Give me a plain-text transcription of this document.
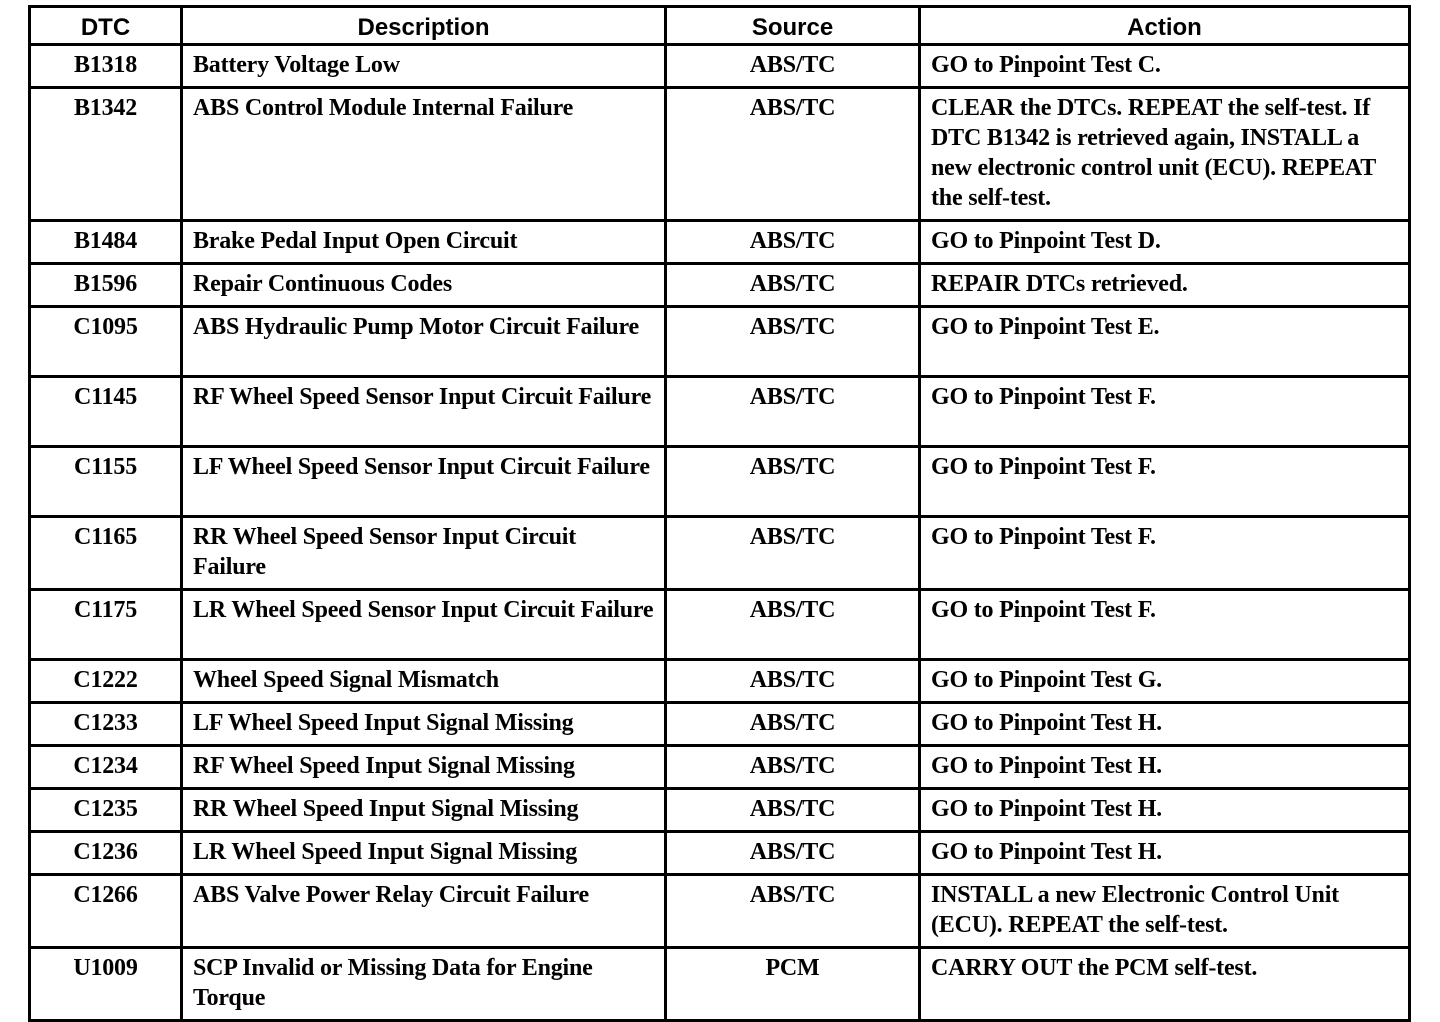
DTC	Description	Source	Action
B1318	Battery Voltage Low	ABS/TC	GO to Pinpoint Test C.
B1342	ABS Control Module Internal Failure	ABS/TC	CLEAR the DTCs. REPEAT the self-test. If DTC B1342 is retrieved again, INSTALL a new electronic control unit (ECU). REPEAT the self-test.
B1484	Brake Pedal Input Open Circuit	ABS/TC	GO to Pinpoint Test D.
B1596	Repair Continuous Codes	ABS/TC	REPAIR DTCs retrieved.
C1095	ABS Hydraulic Pump Motor Circuit Failure	ABS/TC	GO to Pinpoint Test E.
C1145	RF Wheel Speed Sensor Input Circuit Failure	ABS/TC	GO to Pinpoint Test F.
C1155	LF Wheel Speed Sensor Input Circuit Failure	ABS/TC	GO to Pinpoint Test F.
C1165	RR Wheel Speed Sensor Input Circuit Failure	ABS/TC	GO to Pinpoint Test F.
C1175	LR Wheel Speed Sensor Input Circuit Failure	ABS/TC	GO to Pinpoint Test F.
C1222	Wheel Speed Signal Mismatch	ABS/TC	GO to Pinpoint Test G.
C1233	LF Wheel Speed Input Signal Missing	ABS/TC	GO to Pinpoint Test H.
C1234	RF Wheel Speed Input Signal Missing	ABS/TC	GO to Pinpoint Test H.
C1235	RR Wheel Speed Input Signal Missing	ABS/TC	GO to Pinpoint Test H.
C1236	LR Wheel Speed Input Signal Missing	ABS/TC	GO to Pinpoint Test H.
C1266	ABS Valve Power Relay Circuit Failure	ABS/TC	INSTALL a new Electronic Control Unit (ECU). REPEAT the self-test.
U1009	SCP Invalid or Missing Data for Engine Torque	PCM	CARRY OUT the PCM self-test.
